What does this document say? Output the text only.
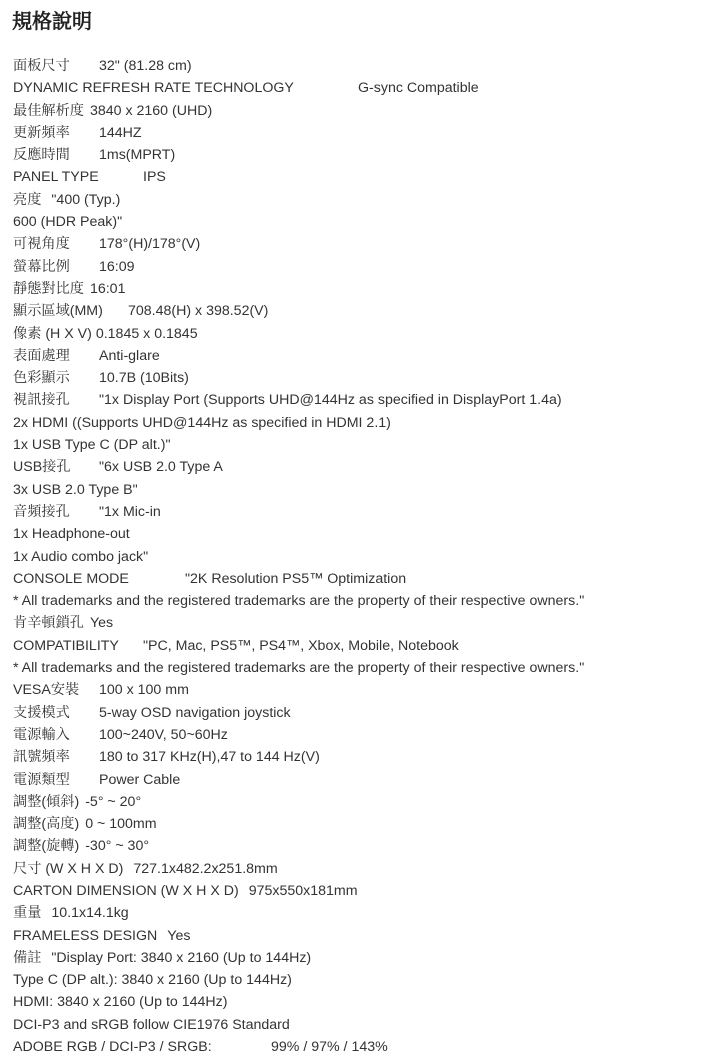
規格說明
面板尺寸 32" (81.28 cm)
DYNAMIC REFRESH RATE TECHNOLOGY	G-sync Compatible
最佳解析度 3840 x 2160 (UHD)
更新頻率 144HZ
反應時間 1ms(MPRT)
PANEL TYPE	IPS
亮度 "400 (Typ.)
600 (HDR Peak)"
可視角度 178°(H)/178°(V)
螢幕比例 16:09
靜態對比度 16:01
顯示區域(MM) 708.48(H) x 398.52(V)
像素 (H X V) 0.1845 x 0.1845
表面處理 Anti-glare
色彩顯示 10.7B (10Bits)
視訊接孔 "1x Display Port (Supports UHD@144Hz as specified in DisplayPort 1.4a)
2x HDMI ((Supports UHD@144Hz as specified in HDMI 2.1)
1x USB Type C (DP alt.)"
USB接孔 "6x USB 2.0 Type A
3x USB 2.0 Type B"
音頻接孔 "1x Mic-in
1x Headphone-out
1x Audio combo jack"
CONSOLE MODE	"2K Resolution PS5™ Optimization
* All trademarks and the registered trademarks are the property of their respective owners."
肯辛頓鎖孔 Yes
COMPATIBILITY "PC, Mac, PS5™, PS4™, Xbox, Mobile, Notebook
* All trademarks and the registered trademarks are the property of their respective owners."
VESA安裝 100 x 100 mm
支援模式 5-way OSD navigation joystick
電源輸入 100~240V, 50~60Hz
訊號頻率 180 to 317 KHz(H),47 to 144 Hz(V)
電源類型 Power Cable
調整(傾斜) -5° ~ 20°
調整(高度) 0 ~ 100mm
調整(旋轉) -30° ~ 30°
尺寸 (W X H X D) 727.1x482.2x251.8mm
CARTON DIMENSION (W X H X D) 975x550x181mm
重量 10.1x14.1kg
FRAMELESS DESIGN Yes
備註 "Display Port: 3840 x 2160 (Up to 144Hz)
Type C (DP alt.): 3840 x 2160 (Up to 144Hz)
HDMI: 3840 x 2160 (Up to 144Hz)
DCI-P3 and sRGB follow CIE1976 Standard
ADOBE RGB / DCI-P3 / SRGB:	99% / 97% / 143%
